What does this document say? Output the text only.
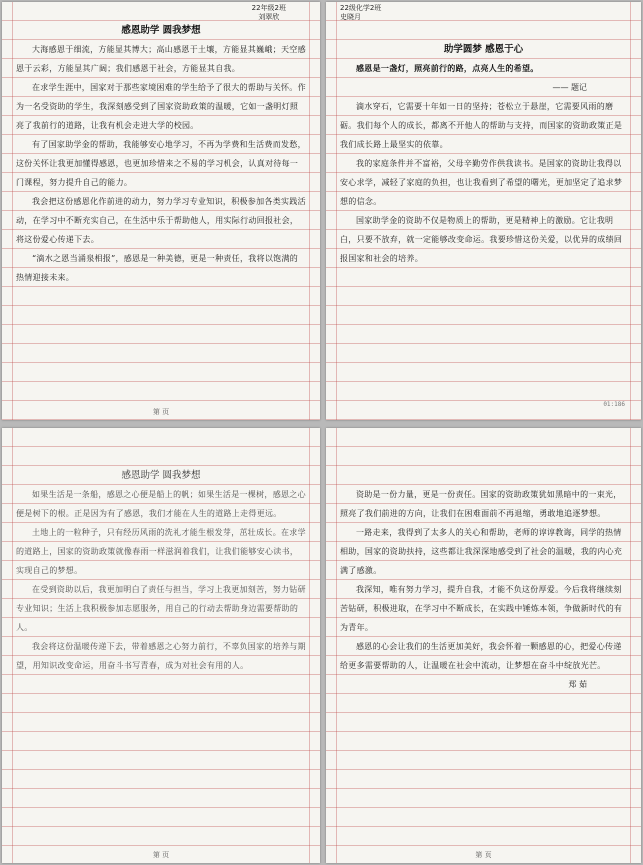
22年级2班
刘翠欣

感恩助学 圆我梦想

大海感恩于细流，方能显其博大；高山感恩于土壤，方能显其巍峨；天空感恩于云彩，方能显其广阔；我们感恩于社会，方能显其自我。

在求学生涯中，国家对于那些家境困难的学生给予了很大的帮助与关怀。作为一名受资助的学生，我深刻感受到了国家资助政策的温暖，它如一盏明灯照亮了我前行的道路，让我有机会走进大学的校园。

有了国家助学金的帮助，我能够安心地学习，不再为学费和生活费而发愁，这份关怀让我更加懂得感恩，也更加珍惜来之不易的学习机会，认真对待每一门课程，努力提升自己的能力。

我会把这份感恩化作前进的动力，努力学习专业知识，积极参加各类实践活动，在学习中不断充实自己，在生活中乐于帮助他人，用实际行动回报社会，将这份爱心传递下去。

“滴水之恩当涌泉相报”，感恩是一种美德，更是一种责任，我将以饱满的热情迎接未来。

第 页
22级化学2班
史晓月

助学圆梦 感恩于心

感恩是一盏灯，照亮前行的路，点亮人生的希望。

—— 题记

滴水穿石，它需要十年如一日的坚持；苍松立于悬崖，它需要风雨的磨砺。我们每个人的成长，都离不开他人的帮助与支持，而国家的资助政策正是我们成长路上最坚实的依靠。

我的家庭条件并不富裕，父母辛勤劳作供我读书。是国家的资助让我得以安心求学，减轻了家庭的负担，也让我看到了希望的曙光，更加坚定了追求梦想的信念。

国家助学金的资助不仅是物质上的帮助，更是精神上的激励。它让我明白，只要不放弃，就一定能够改变命运。我要珍惜这份关爱，以优异的成绩回报国家和社会的培养。

01:186

感恩助学 圆我梦想

如果生活是一条船，感恩之心便是船上的帆；如果生活是一棵树，感恩之心便是树下的根。正是因为有了感恩，我们才能在人生的道路上走得更远。

土地上的一粒种子，只有经历风雨的洗礼才能生根发芽，茁壮成长。在求学的道路上，国家的资助政策就像春雨一样滋润着我们，让我们能够安心读书，实现自己的梦想。

在受到资助以后，我更加明白了责任与担当，学习上我更加刻苦，努力钻研专业知识；生活上我积极参加志愿服务，用自己的行动去帮助身边需要帮助的人。

我会将这份温暖传递下去，带着感恩之心努力前行，不辜负国家的培养与期望，用知识改变命运，用奋斗书写青春，成为对社会有用的人。

第 页

资助是一份力量，更是一份责任。国家的资助政策犹如黑暗中的一束光，照亮了我们前进的方向，让我们在困难面前不再退缩，勇敢地追逐梦想。

一路走来，我得到了太多人的关心和帮助，老师的谆谆教诲，同学的热情相助，国家的资助扶持，这些都让我深深地感受到了社会的温暖，我的内心充满了感激。

我深知，唯有努力学习，提升自我，才能不负这份厚爱。今后我将继续刻苦钻研，积极进取，在学习中不断成长，在实践中锤炼本领，争做新时代的有为青年。

感恩的心会让我们的生活更加美好，我会怀着一颗感恩的心，把爱心传递给更多需要帮助的人，让温暖在社会中流动，让梦想在奋斗中绽放光芒。

郑 茹

第 页
